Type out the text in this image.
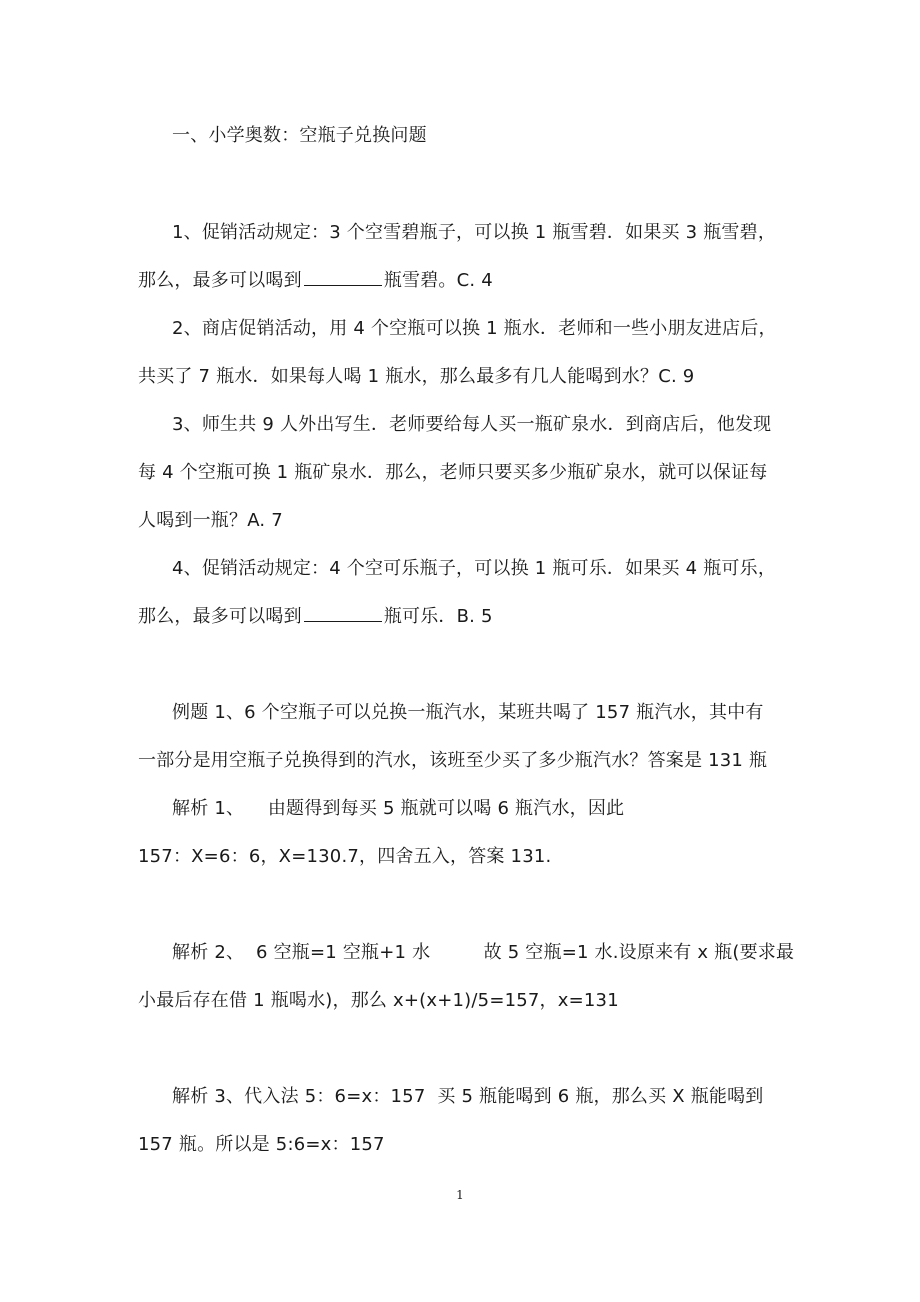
一、小学奥数：空瓶子兑换问题
1、促销活动规定：3 个空雪碧瓶子，可以换 1 瓶雪碧．如果买 3 瓶雪碧，
那么，最多可以喝到	瓶雪碧。C. 4
2、商店促销活动，用 4 个空瓶可以换 1 瓶水．老师和一些小朋友进店后，
共买了 7 瓶水．如果每人喝 1 瓶水，那么最多有几人能喝到水？C. 9
3、师生共 9 人外出写生．老师要给每人买一瓶矿泉水．到商店后，他发现
每 4 个空瓶可换 1 瓶矿泉水．那么，老师只要买多少瓶矿泉水，就可以保证每
人喝到一瓶？A. 7
4、促销活动规定：4 个空可乐瓶子，可以换 1 瓶可乐．如果买 4 瓶可乐，
那么，最多可以喝到	瓶可乐．B. 5
例题 1、6 个空瓶子可以兑换一瓶汽水，某班共喝了 157 瓶汽水，其中有
一部分是用空瓶子兑换得到的汽水，该班至少买了多少瓶汽水？答案是 131 瓶
解析 1、    由题得到每买 5 瓶就可以喝 6 瓶汽水，因此
157：X=6：6，X=130.7，四舍五入，答案 131.
解析 2、  6 空瓶=1 空瓶+1 水         故 5 空瓶=1 水.设原来有 x 瓶(要求最
小最后存在借 1 瓶喝水)，那么 x+(x+1)/5=157，x=131
解析 3、代入法 5：6=x：157  买 5 瓶能喝到 6 瓶，那么买 X 瓶能喝到
157 瓶。所以是 5:6=x：157
1
